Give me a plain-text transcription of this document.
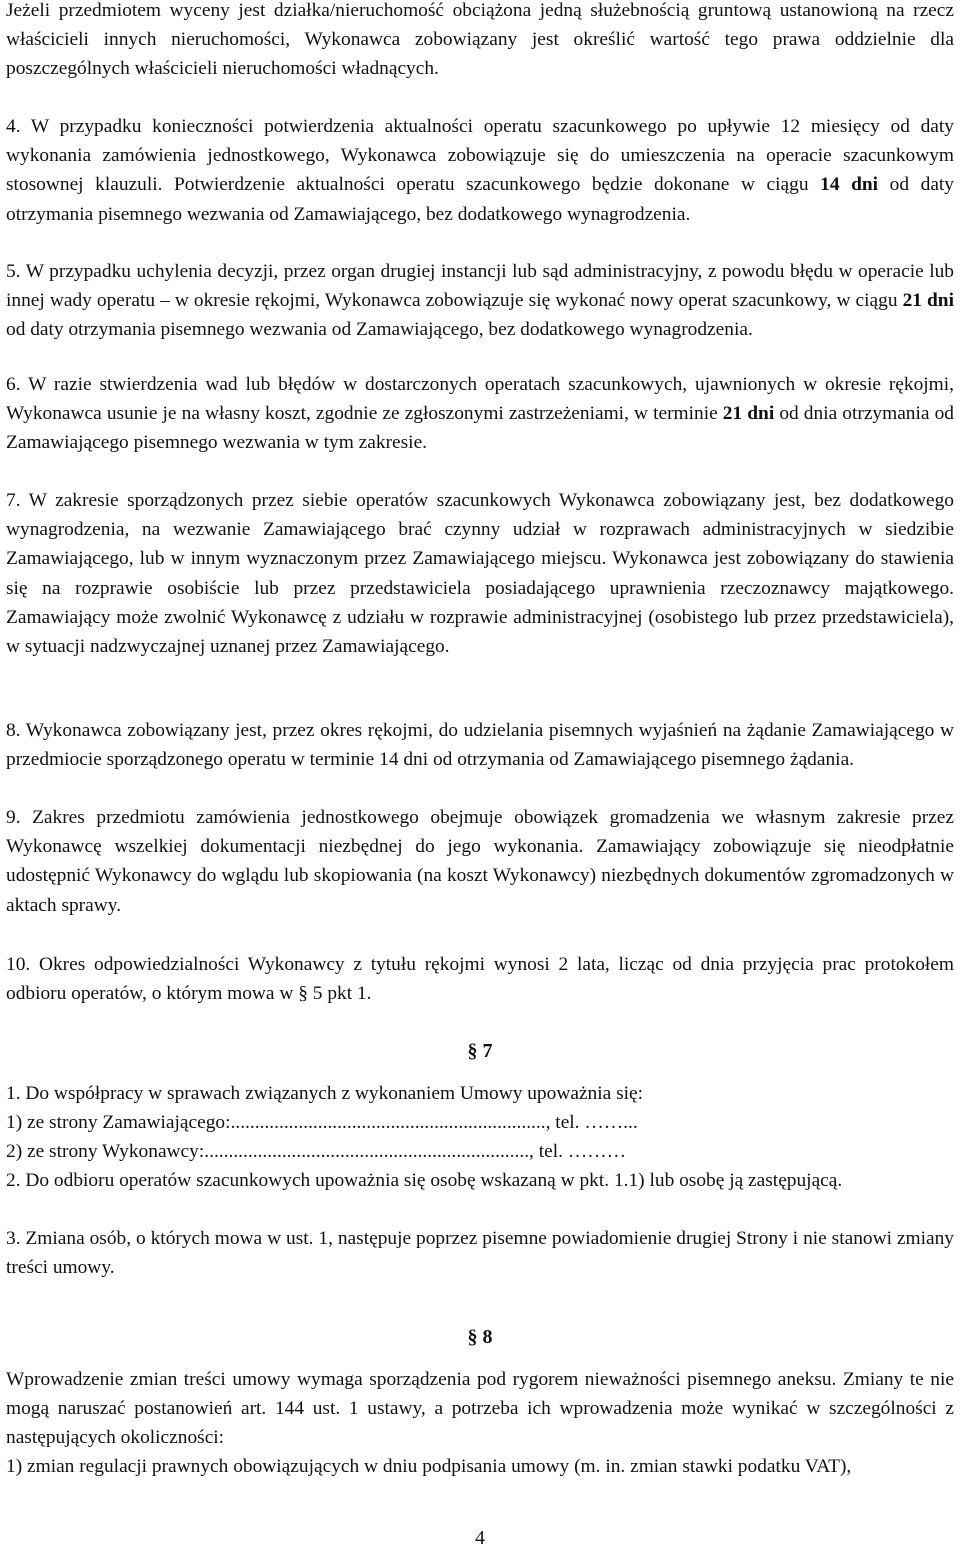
Jeżeli przedmiotem wyceny jest działka/nieruchomość obciążona jedną służebnością gruntową ustanowioną na rzecz właścicieli innych nieruchomości, Wykonawca zobowiązany jest określić wartość tego prawa oddzielnie dla poszczególnych właścicieli nieruchomości władnących.

4. W przypadku konieczności potwierdzenia aktualności operatu szacunkowego po upływie 12 miesięcy od daty wykonania zamówienia jednostkowego, Wykonawca zobowiązuje się do umieszczenia na operacie szacunkowym stosownej klauzuli. Potwierdzenie aktualności operatu szacunkowego będzie dokonane w ciągu 14 dni od daty otrzymania pisemnego wezwania od Zamawiającego, bez dodatkowego wynagrodzenia.

5. W przypadku uchylenia decyzji, przez organ drugiej instancji lub sąd administracyjny, z powodu błędu w operacie lub innej wady operatu – w okresie rękojmi, Wykonawca zobowiązuje się wykonać nowy operat szacunkowy, w ciągu 21 dni od daty otrzymania pisemnego wezwania od Zamawiającego, bez dodatkowego wynagrodzenia.

6. W razie stwierdzenia wad lub błędów w dostarczonych operatach szacunkowych, ujawnionych w okresie rękojmi, Wykonawca usunie je na własny koszt, zgodnie ze zgłoszonymi zastrzeżeniami, w terminie 21 dni od dnia otrzymania od Zamawiającego pisemnego wezwania w tym zakresie.

7. W zakresie sporządzonych przez siebie operatów szacunkowych Wykonawca zobowiązany jest, bez dodatkowego wynagrodzenia, na wezwanie Zamawiającego brać czynny udział w rozprawach administracyjnych w siedzibie Zamawiającego, lub w innym wyznaczonym przez Zamawiającego miejscu. Wykonawca jest zobowiązany do stawienia się na rozprawie osobiście lub przez przedstawiciela posiadającego uprawnienia rzeczoznawcy majątkowego. Zamawiający może zwolnić Wykonawcę z udziału w rozprawie administracyjnej (osobistego lub przez przedstawiciela), w sytuacji nadzwyczajnej uznanej przez Zamawiającego.

8. Wykonawca zobowiązany jest, przez okres rękojmi, do udzielania pisemnych wyjaśnień na żądanie Zamawiającego w przedmiocie sporządzonego operatu w terminie 14 dni od otrzymania od Zamawiającego pisemnego żądania.

9. Zakres przedmiotu zamówienia jednostkowego obejmuje obowiązek gromadzenia we własnym zakresie przez Wykonawcę wszelkiej dokumentacji niezbędnej do jego wykonania. Zamawiający zobowiązuje się nieodpłatnie udostępnić Wykonawcy do wglądu lub skopiowania (na koszt Wykonawcy) niezbędnych dokumentów zgromadzonych w aktach sprawy.

10. Okres odpowiedzialności Wykonawcy z tytułu rękojmi wynosi 2 lata, licząc od dnia przyjęcia prac protokołem odbioru operatów, o którym mowa w § 5 pkt 1.

§ 7

1. Do współpracy w sprawach związanych z wykonaniem Umowy upoważnia się:

1) ze strony Zamawiającego:................................................................., tel. ……...

2) ze strony Wykonawcy:..................................................................., tel. ………

2. Do odbioru operatów szacunkowych upoważnia się osobę wskazaną w pkt. 1.1) lub osobę ją zastępującą.

3. Zmiana osób, o których mowa w ust. 1, następuje poprzez pisemne powiadomienie drugiej Strony i nie stanowi zmiany treści umowy.

§ 8

Wprowadzenie zmian treści umowy wymaga sporządzenia pod rygorem nieważności pisemnego aneksu. Zmiany te nie mogą naruszać postanowień art. 144 ust. 1 ustawy, a potrzeba ich wprowadzenia może wynikać w szczególności z następujących okoliczności:

1) zmian regulacji prawnych obowiązujących w dniu podpisania umowy (m. in. zmian stawki podatku VAT),

4
